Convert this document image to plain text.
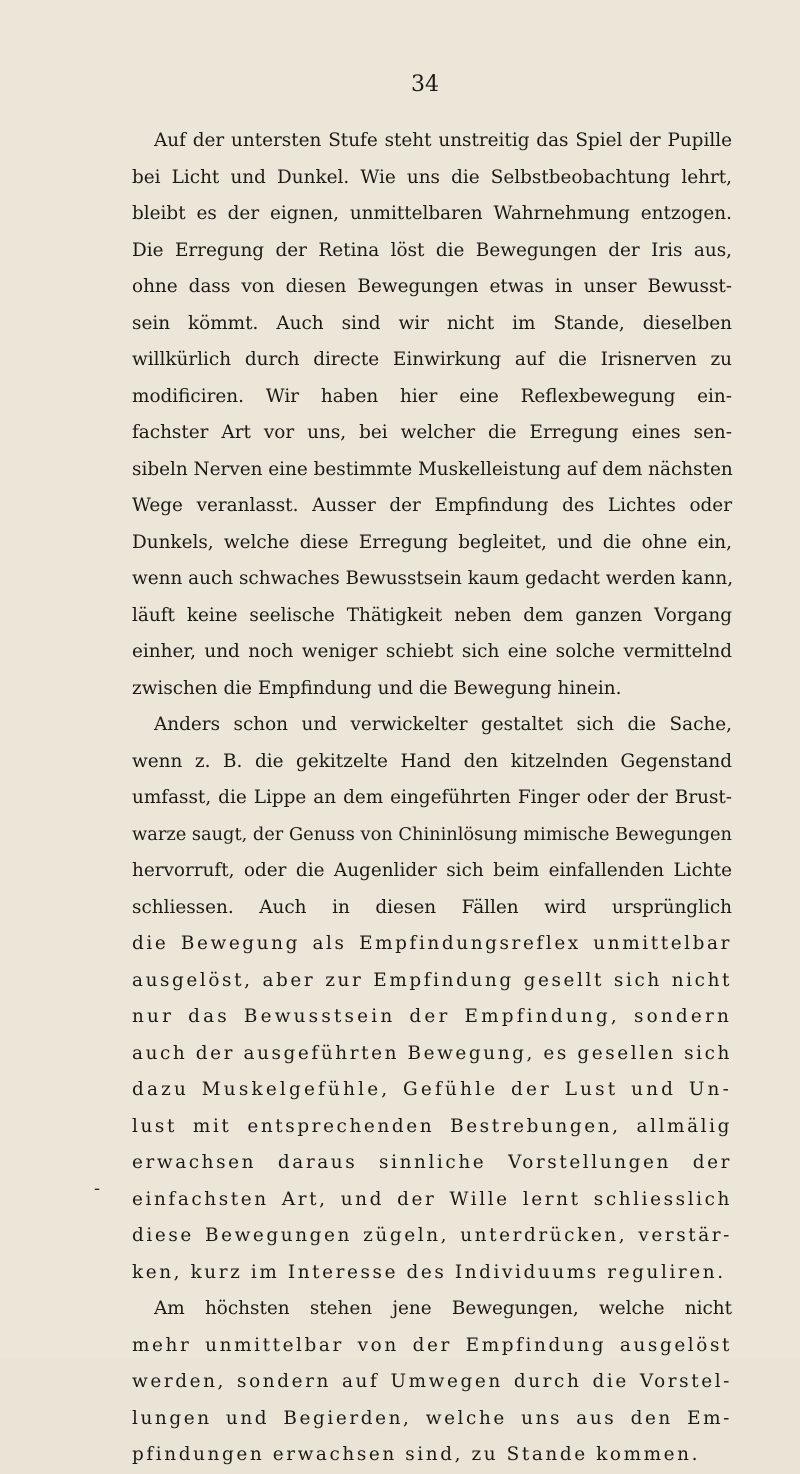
34
-
Auf der untersten Stufe steht unstreitig das Spiel der Pupille
bei Licht und Dunkel. Wie uns die Selbstbeobachtung lehrt,
bleibt es der eignen, unmittelbaren Wahrnehmung entzogen.
Die Erregung der Retina löst die Bewegungen der Iris aus,
ohne dass von diesen Bewegungen etwas in unser Bewusst-
sein kömmt. Auch sind wir nicht im Stande, dieselben
willkürlich durch directe Einwirkung auf die Irisnerven zu
modificiren. Wir haben hier eine Reflexbewegung ein-
fachster Art vor uns, bei welcher die Erregung eines sen-
sibeln Nerven eine bestimmte Muskelleistung auf dem nächsten
Wege veranlasst. Ausser der Empfindung des Lichtes oder
Dunkels, welche diese Erregung begleitet, und die ohne ein,
wenn auch schwaches Bewusstsein kaum gedacht werden kann,
läuft keine seelische Thätigkeit neben dem ganzen Vorgang
einher, und noch weniger schiebt sich eine solche vermittelnd
zwischen die Empfindung und die Bewegung hinein.
Anders schon und verwickelter gestaltet sich die Sache,
wenn z. B. die gekitzelte Hand den kitzelnden Gegenstand
umfasst, die Lippe an dem eingeführten Finger oder der Brust-
warze saugt, der Genuss von Chininlösung mimische Bewegungen
hervorruft, oder die Augenlider sich beim einfallenden Lichte
schliessen. Auch in diesen Fällen wird ursprünglich
die Bewegung als Empfindungsreflex unmittelbar
ausgelöst, aber zur Empfindung gesellt sich nicht
nur das Bewusstsein der Empfindung, sondern
auch der ausgeführten Bewegung, es gesellen sich
dazu Muskelgefühle, Gefühle der Lust und Un-
lust mit entsprechenden Bestrebungen, allmälig
erwachsen daraus sinnliche Vorstellungen der
einfachsten Art, und der Wille lernt schliesslich
diese Bewegungen zügeln, unterdrücken, verstär-
ken, kurz im Interesse des Individuums reguliren.
Am höchsten stehen jene Bewegungen, welche nicht
mehr unmittelbar von der Empfindung ausgelöst
werden, sondern auf Umwegen durch die Vorstel-
lungen und Begierden, welche uns aus den Em-
pfindungen erwachsen sind, zu Stande kommen.
